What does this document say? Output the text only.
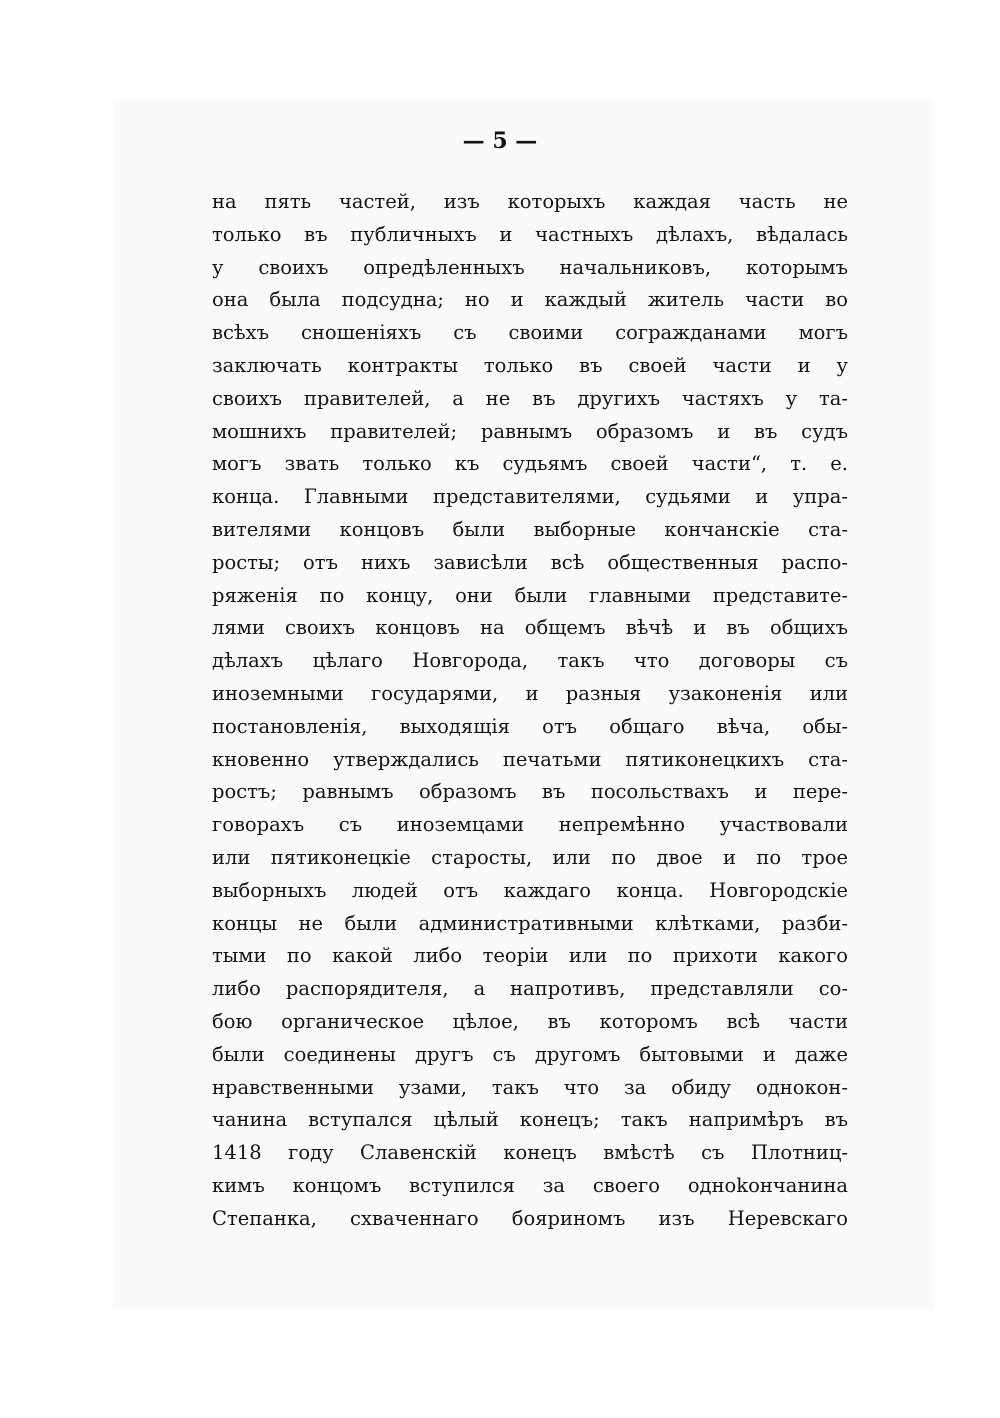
— 5 —
на пять частей, изъ которыхъ каждая часть не
только въ публичныхъ и частныхъ дѣлахъ, вѣдалась
у своихъ опредѣленныхъ начальниковъ, которымъ
она была подсудна; но и каждый житель части во
всѣхъ сношеніяхъ съ своими согражданами могъ
заключать контракты только въ своей части и у
своихъ правителей, а не въ другихъ частяхъ у та-
мошнихъ правителей; равнымъ образомъ и въ судъ
могъ звать только къ судьямъ своей части“, т. е.
конца. Главными представителями, судьями и упра-
вителями концовъ были выборные кончанскіе ста-
росты; отъ нихъ зависѣли всѣ общественныя распо-
ряженія по концу, они были главными представите-
лями своихъ концовъ на общемъ вѣчѣ и въ общихъ
дѣлахъ цѣлаго Новгорода, такъ что договоры съ
иноземными государями, и разныя узаконенія или
постановленія, выходящія отъ общаго вѣча, обы-
кновенно утверждались печатьми пятиконецкихъ ста-
ростъ; равнымъ образомъ въ посольствахъ и пере-
говорахъ съ иноземцами непремѣнно участвовали
или пятиконецкіе старосты, или по двое и по трое
выборныхъ людей отъ каждаго конца. Новгородскіе
концы не были административными клѣтками, разби-
тыми по какой либо теоріи или по прихоти какого
либо распорядителя, а напротивъ, представляли со-
бою органическое цѣлое, въ которомъ всѣ части
были соединены другъ съ другомъ бытовыми и даже
нравственными узами, такъ что за обиду однокон-
чанина вступался цѣлый конецъ; такъ напримѣръ въ
1418 году Славенскій конецъ вмѣстѣ съ Плотниц-
кимъ концомъ вступился за своего одноkончанина
Степанка, схваченнаго бояриномъ изъ Неревскаго
